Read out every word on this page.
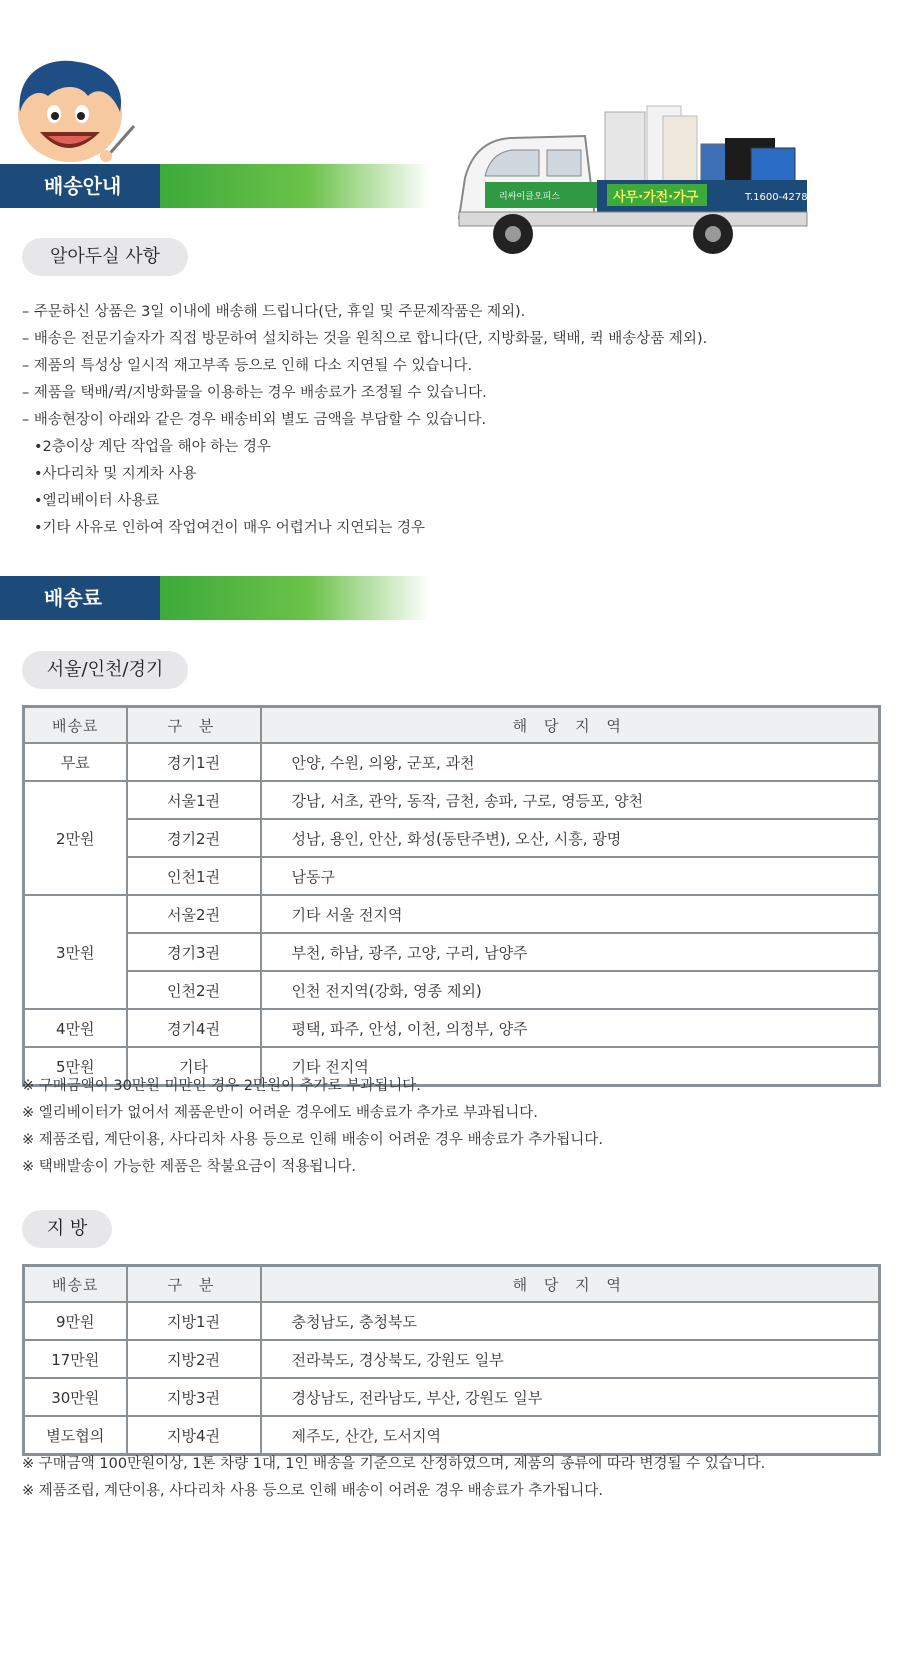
배송안내	리싸이클오피스	사무·가전·가구	T.1600-4278
알아두실 사항
– 주문하신 상품은 3일 이내에 배송해 드립니다(단, 휴일 및 주문제작품은 제외).
– 배송은 전문기술자가 직접 방문하여 설치하는 것을 원칙으로 합니다(단, 지방화물, 택배, 퀵 배송상품 제외).
– 제품의 특성상 일시적 재고부족 등으로 인해 다소 지연될 수 있습니다.
– 제품을 택배/퀵/지방화물을 이용하는 경우 배송료가 조정될 수 있습니다.
– 배송현장이 아래와 같은 경우 배송비외 별도 금액을 부담할 수 있습니다.
•2층이상 계단 작업을 해야 하는 경우
•사다리차 및 지게차 사용
•엘리베이터 사용료
•기타 사유로 인하여 작업여건이 매우 어렵거나 지연되는 경우
배송료
서울/인천/경기
배송료	구 분	해 당 지 역
무료	경기1권	안양, 수원, 의왕, 군포, 과천
2만원	서울1권	강남, 서초, 관악, 동작, 금천, 송파, 구로, 영등포, 양천
	경기2권	성남, 용인, 안산, 화성(동탄주변), 오산, 시흥, 광명
	인천1권	남동구
3만원	서울2권	기타 서울 전지역
	경기3권	부천, 하남, 광주, 고양, 구리, 남양주
	인천2권	인천 전지역(강화, 영종 제외)
4만원	경기4권	평택, 파주, 안성, 이천, 의정부, 양주
5만원	기타	기타 전지역
※ 구매금액이 30만원 미만인 경우 2만원이 추가로 부과됩니다.
※ 엘리베이터가 없어서 제품운반이 어려운 경우에도 배송료가 추가로 부과됩니다.
※ 제품조립, 계단이용, 사다리차 사용 등으로 인해 배송이 어려운 경우 배송료가 추가됩니다.
※ 택배발송이 가능한 제품은 착불요금이 적용됩니다.
지 방
배송료	구 분	해 당 지 역
9만원	지방1권	충청남도, 충청북도
17만원	지방2권	전라북도, 경상북도, 강원도 일부
30만원	지방3권	경상남도, 전라남도, 부산, 강원도 일부
별도협의	지방4권	제주도, 산간, 도서지역
※ 구매금액 100만원이상, 1톤 차량 1대, 1인 배송을 기준으로 산정하였으며, 제품의 종류에 따라 변경될 수 있습니다.
※ 제품조립, 계단이용, 사다리차 사용 등으로 인해 배송이 어려운 경우 배송료가 추가됩니다.
